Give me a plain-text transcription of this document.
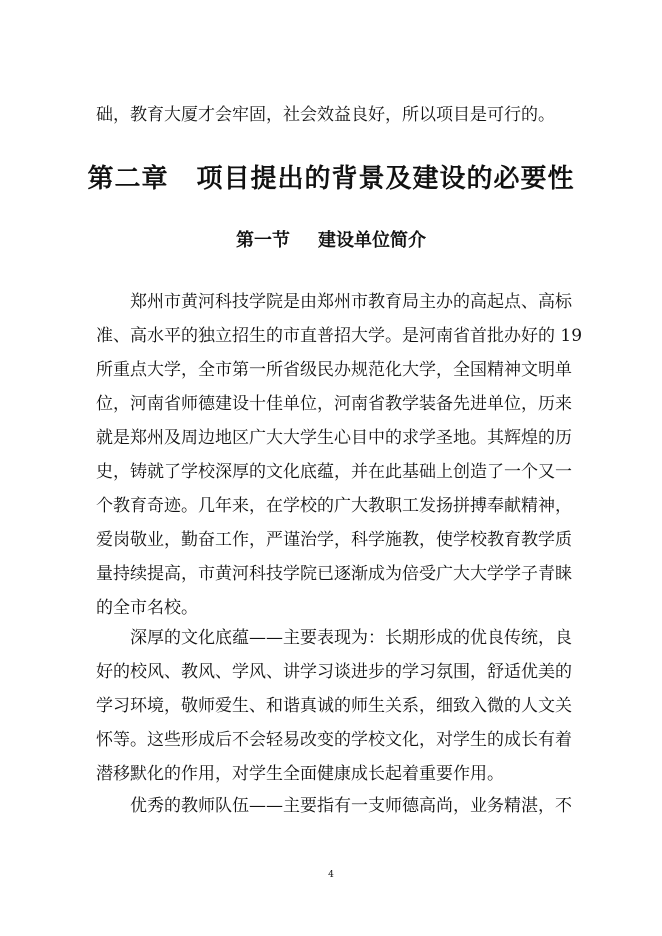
础，教育大厦才会牢固，社会效益良好，所以项目是可行的。
第二章 项目提出的背景及建设的必要性
第一节 建设单位简介
郑州市黄河科技学院是由郑州市教育局主办的高起点、高标
准、高水平的独立招生的市直普招大学。是河南省首批办好的 19
所重点大学，全市第一所省级民办规范化大学，全国精神文明单
位，河南省师德建设十佳单位，河南省教学装备先进单位，历来
就是郑州及周边地区广大大学生心目中的求学圣地。其辉煌的历
史，铸就了学校深厚的文化底蕴，并在此基础上创造了一个又一
个教育奇迹。几年来，在学校的广大教职工发扬拼搏奉献精神，
爱岗敬业，勤奋工作，严谨治学，科学施教，使学校教育教学质
量持续提高，市黄河科技学院已逐渐成为倍受广大大学学子青睐
的全市名校。
深厚的文化底蕴——主要表现为：长期形成的优良传统，良
好的校风、教风、学风、讲学习谈进步的学习氛围，舒适优美的
学习环境，敬师爱生、和谐真诚的师生关系，细致入微的人文关
怀等。这些形成后不会轻易改变的学校文化，对学生的成长有着
潜移默化的作用，对学生全面健康成长起着重要作用。
优秀的教师队伍——主要指有一支师德高尚，业务精湛，不
4
